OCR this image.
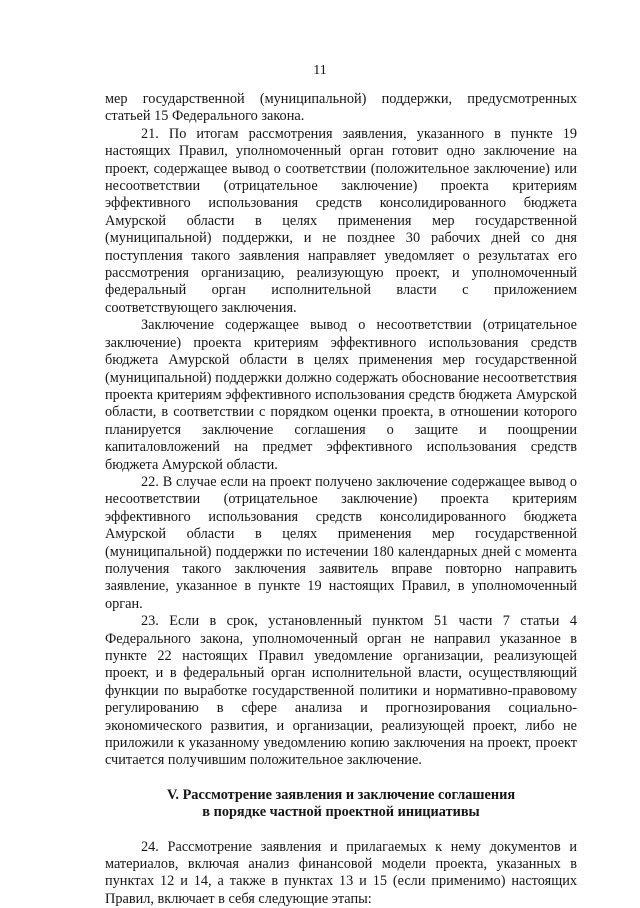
11

мер государственной (муниципальной) поддержки, предусмотренных статьей 15 Федерального закона.

21. По итогам рассмотрения заявления, указанного в пункте 19 настоящих Правил, уполномоченный орган готовит одно заключение на проект, содержащее вывод о соответствии (положительное заключение) или несоответствии (отрицательное заключение) проекта критериям эффективного использования средств консолидированного бюджета Амурской области в целях применения мер государственной (муниципальной) поддержки, и не позднее 30 рабочих дней со дня поступления такого заявления направляет уведомляет о результатах его рассмотрения организацию, реализующую проект, и уполномоченный федеральный орган исполнительной власти с приложением соответствующего заключения.

Заключение содержащее вывод о несоответствии (отрицательное заключение) проекта критериям эффективного использования средств бюджета Амурской области в целях применения мер государственной (муниципальной) поддержки должно содержать обоснование несоответствия проекта критериям эффективного использования средств бюджета Амурской области, в соответствии с порядком оценки проекта, в отношении которого планируется заключение соглашения о защите и поощрении капиталовложений на предмет эффективного использования средств бюджета Амурской области.

22. В случае если на проект получено заключение содержащее вывод о несоответствии (отрицательное заключение) проекта критериям эффективного использования средств консолидированного бюджета Амурской области в целях применения мер государственной (муниципальной) поддержки по истечении 180 календарных дней с момента получения такого заключения заявитель вправе повторно направить заявление, указанное в пункте 19 настоящих Правил, в уполномоченный орган.

23. Если в срок, установленный пунктом 51 части 7 статьи 4 Федерального закона, уполномоченный орган не направил указанное в пункте 22 настоящих Правил уведомление организации, реализующей проект, и в федеральный орган исполнительной власти, осуществляющий функции по выработке государственной политики и нормативно-правовому регулированию в сфере анализа и прогнозирования социально-экономического развития, и организации, реализующей проект, либо не приложили к указанному уведомлению копию заключения на проект, проект считается получившим положительное заключение.

V. Рассмотрение заявления и заключение соглашения

в порядке частной проектной инициативы

24. Рассмотрение заявления и прилагаемых к нему документов и материалов, включая анализ финансовой модели проекта, указанных в пунктах 12 и 14, а также в пунктах 13 и 15 (если применимо) настоящих Правил, включает в себя следующие этапы:
